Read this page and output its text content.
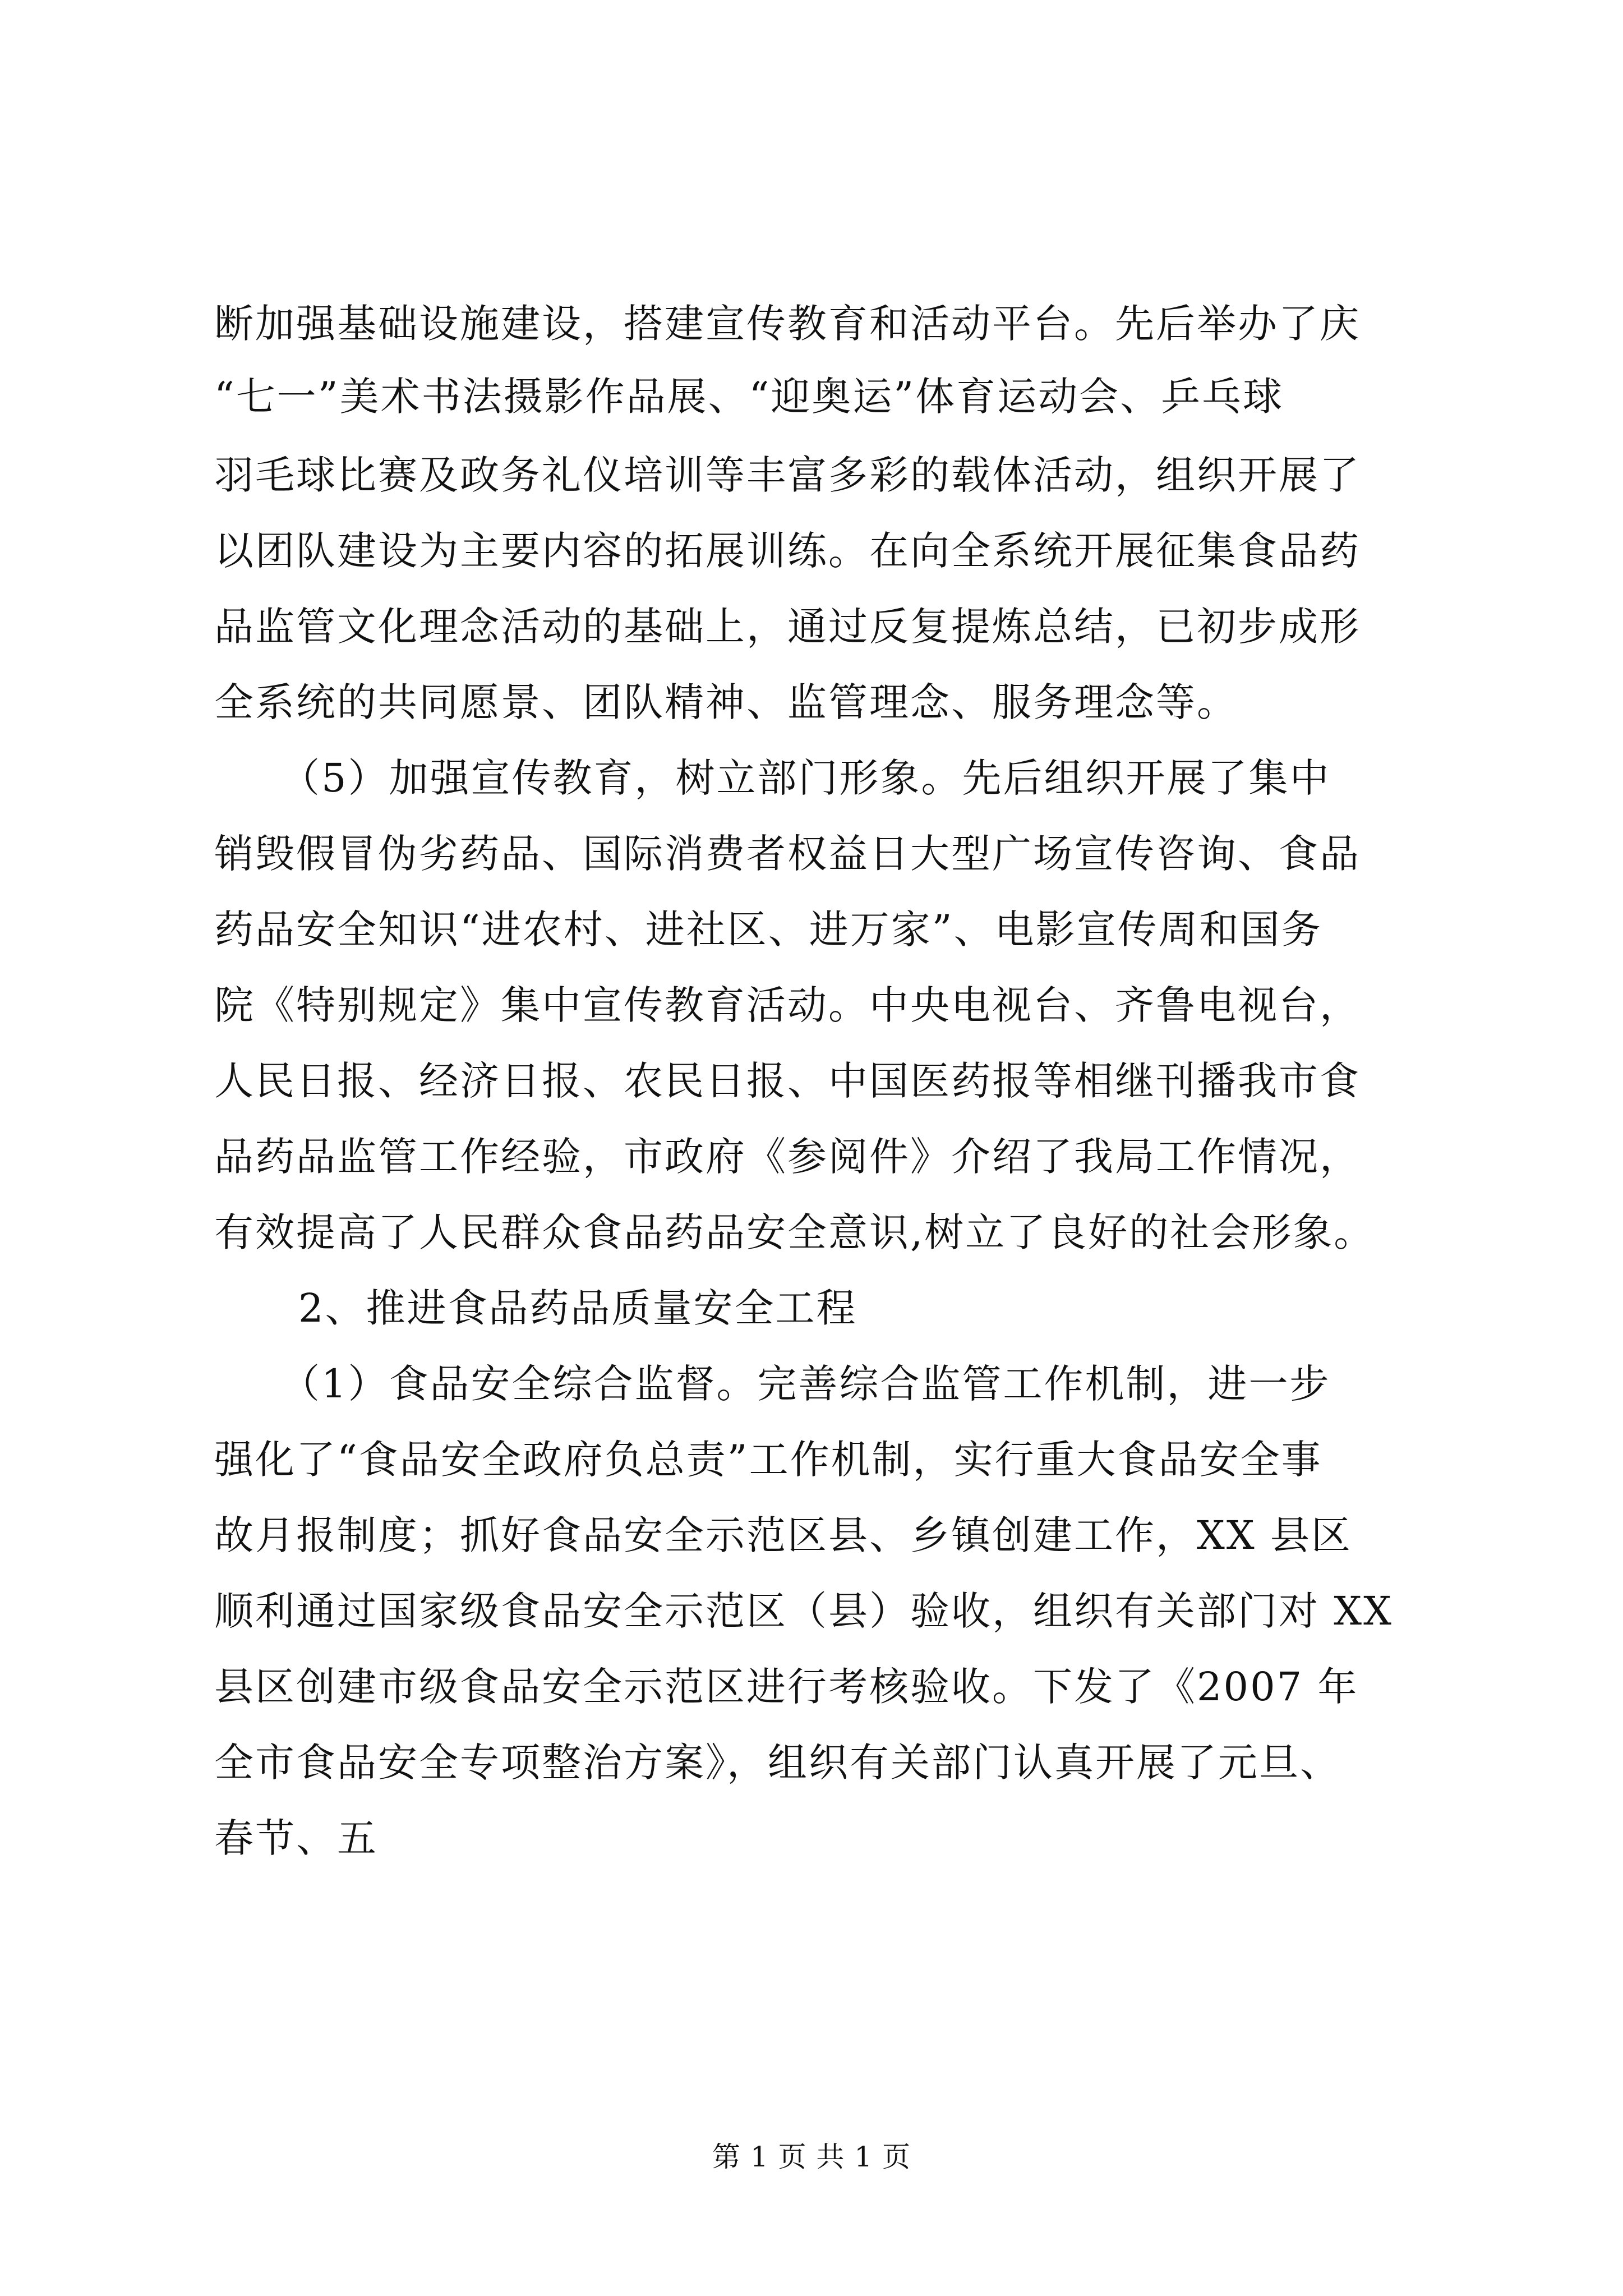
断加强基础设施建设，搭建宣传教育和活动平台。先后举办了庆
“七一”美术书法摄影作品展、“迎奥运”体育运动会、乒乓球
羽毛球比赛及政务礼仪培训等丰富多彩的载体活动，组织开展了
以团队建设为主要内容的拓展训练。在向全系统开展征集食品药
品监管文化理念活动的基础上，通过反复提炼总结，已初步成形
全系统的共同愿景、团队精神、监管理念、服务理念等。
（5）加强宣传教育，树立部门形象。先后组织开展了集中
销毁假冒伪劣药品、国际消费者权益日大型广场宣传咨询、食品
药品安全知识“进农村、进社区、进万家”、电影宣传周和国务
院《特别规定》集中宣传教育活动。中央电视台、齐鲁电视台，
人民日报、经济日报、农民日报、中国医药报等相继刊播我市食
品药品监管工作经验，市政府《参阅件》介绍了我局工作情况，
有效提高了人民群众食品药品安全意识,树立了良好的社会形象。
2、推进食品药品质量安全工程
（1）食品安全综合监督。完善综合监管工作机制，进一步
强化了“食品安全政府负总责”工作机制，实行重大食品安全事
故月报制度；抓好食品安全示范区县、乡镇创建工作，XX 县区
顺利通过国家级食品安全示范区（县）验收，组织有关部门对 XX
县区创建市级食品安全示范区进行考核验收。下发了《2007 年
全市食品安全专项整治方案》，组织有关部门认真开展了元旦、
春节、五
第 1 页 共 1 页
